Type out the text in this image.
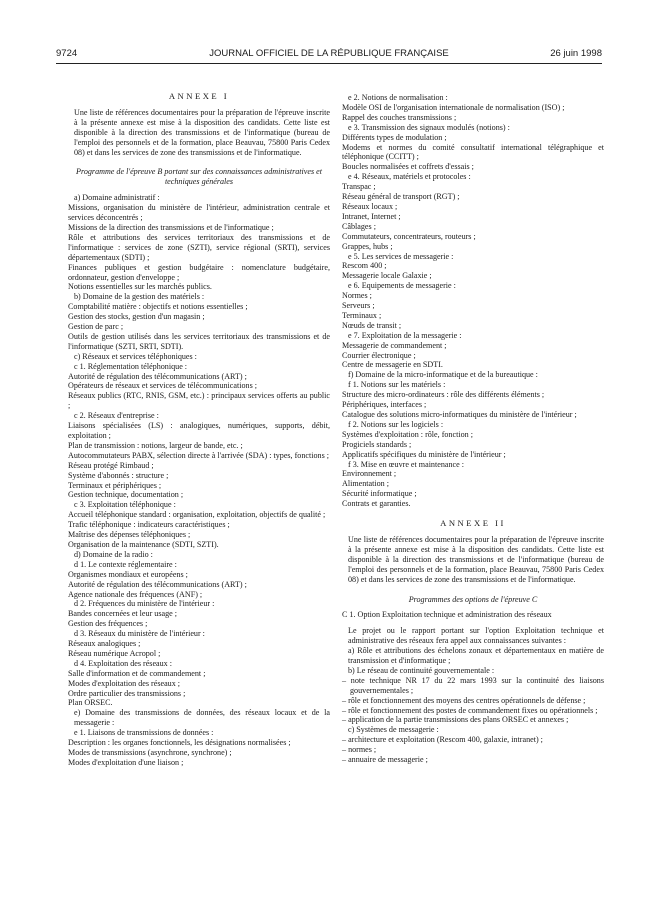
9724	JOURNAL OFFICIEL DE LA RÉPUBLIQUE FRANÇAISE	26 juin 1998

ANNEXE I

Une liste de références documentaires pour la préparation de l'épreuve inscrite à la présente annexe est mise à la disposition des candidats. Cette liste est disponible à la direction des transmissions et de l'informatique (bureau de l'emploi des personnels et de la formation, place Beauvau, 75800 Paris Cedex 08) et dans les services de zone des transmissions et de l'informatique.

Programme de l'épreuve B portant sur des connaissances administratives et techniques générales

a) Domaine administratif :

Missions, organisation du ministère de l'intérieur, administration centrale et services déconcentrés ;

Missions de la direction des transmissions et de l'informatique ;

Rôle et attributions des services territoriaux des transmissions et de l'informatique : services de zone (SZTI), service régional (SRTI), services départementaux (SDTI) ;

Finances publiques et gestion budgétaire : nomenclature budgétaire, ordonnateur, gestion d'enveloppe ;

Notions essentielles sur les marchés publics.

b) Domaine de la gestion des matériels :

Comptabilité matière : objectifs et notions essentielles ;

Gestion des stocks, gestion d'un magasin ;

Gestion de parc ;

Outils de gestion utilisés dans les services territoriaux des transmissions et de l'informatique (SZTI, SRTI, SDTI).

c) Réseaux et services téléphoniques :

c 1. Réglementation téléphonique :

Autorité de régulation des télécommunications (ART) ;

Opérateurs de réseaux et services de télécommunications ;

Réseaux publics (RTC, RNIS, GSM, etc.) : principaux services offerts au public ;

c 2. Réseaux d'entreprise :

Liaisons spécialisées (LS) : analogiques, numériques, supports, débit, exploitation ;

Plan de transmission : notions, largeur de bande, etc. ;

Autocommutateurs PABX, sélection directe à l'arrivée (SDA) : types, fonctions ;

Réseau protégé Rimbaud ;

Système d'abonnés : structure ;

Terminaux et périphériques ;

Gestion technique, documentation ;

c 3. Exploitation téléphonique :

Accueil téléphonique standard : organisation, exploitation, objectifs de qualité ;

Trafic téléphonique : indicateurs caractéristiques ;

Maîtrise des dépenses téléphoniques ;

Organisation de la maintenance (SDTI, SZTI).

d) Domaine de la radio :

d 1. Le contexte réglementaire :

Organismes mondiaux et européens ;

Autorité de régulation des télécommunications (ART) ;

Agence nationale des fréquences (ANF) ;

d 2. Fréquences du ministère de l'intérieur :

Bandes concernées et leur usage ;

Gestion des fréquences ;

d 3. Réseaux du ministère de l'intérieur :

Réseaux analogiques ;

Réseau numérique Acropol ;

d 4. Exploitation des réseaux :

Salle d'information et de commandement ;

Modes d'exploitation des réseaux ;

Ordre particulier des transmissions ;

Plan ORSEC.

e) Domaine des transmissions de données, des réseaux locaux et de la messagerie :

e 1. Liaisons de transmissions de données :

Description : les organes fonctionnels, les désignations normalisées ;

Modes de transmissions (asynchrone, synchrone) ;

Modes d'exploitation d'une liaison ;

e 2. Notions de normalisation :

Modèle OSI de l'organisation internationale de normalisation (ISO) ;

Rappel des couches transmissions ;

e 3. Transmission des signaux modulés (notions) :

Différents types de modulation ;

Modems et normes du comité consultatif international télégraphique et téléphonique (CCITT) ;

Boucles normalisées et coffrets d'essais ;

e 4. Réseaux, matériels et protocoles :

Transpac ;

Réseau général de transport (RGT) ;

Réseaux locaux ;

Intranet, Internet ;

Câblages ;

Commutateurs, concentrateurs, routeurs ;

Grappes, hubs ;

e 5. Les services de messagerie :

Rescom 400 ;

Messagerie locale Galaxie ;

e 6. Equipements de messagerie :

Normes ;

Serveurs ;

Terminaux ;

Nœuds de transit ;

e 7. Exploitation de la messagerie :

Messagerie de commandement ;

Courrier électronique ;

Centre de messagerie en SDTI.

f) Domaine de la micro-informatique et de la bureautique :

f 1. Notions sur les matériels :

Structure des micro-ordinateurs : rôle des différents éléments ;

Périphériques, interfaces ;

Catalogue des solutions micro-informatiques du ministère de l'intérieur ;

f 2. Notions sur les logiciels :

Systèmes d'exploitation : rôle, fonction ;

Progiciels standards ;

Applicatifs spécifiques du ministère de l'intérieur ;

f 3. Mise en œuvre et maintenance :

Environnement ;

Alimentation ;

Sécurité informatique ;

Contrats et garanties.

ANNEXE II

Une liste de références documentaires pour la préparation de l'épreuve inscrite à la présente annexe est mise à la disposition des candidats. Cette liste est disponible à la direction des transmissions et de l'informatique (bureau de l'emploi des personnels et de la formation, place Beauvau, 75800 Paris Cedex 08) et dans les services de zone des transmissions et de l'informatique.

Programmes des options de l'épreuve C

C 1. Option Exploitation technique et administration des réseaux

Le projet ou le rapport portant sur l'option Exploitation technique et administrative des réseaux fera appel aux connaissances suivantes :

a) Rôle et attributions des échelons zonaux et départementaux en matière de transmission et d'informatique ;

b) Le réseau de continuité gouvernementale :

– note technique NR 17 du 22 mars 1993 sur la continuité des liaisons gouvernementales ;

– rôle et fonctionnement des moyens des centres opérationnels de défense ;

– rôle et fonctionnement des postes de commandement fixes ou opérationnels ;

– application de la partie transmissions des plans ORSEC et annexes ;

c) Systèmes de messagerie :

– architecture et exploitation (Rescom 400, galaxie, intranet) ;

– normes ;

– annuaire de messagerie ;
